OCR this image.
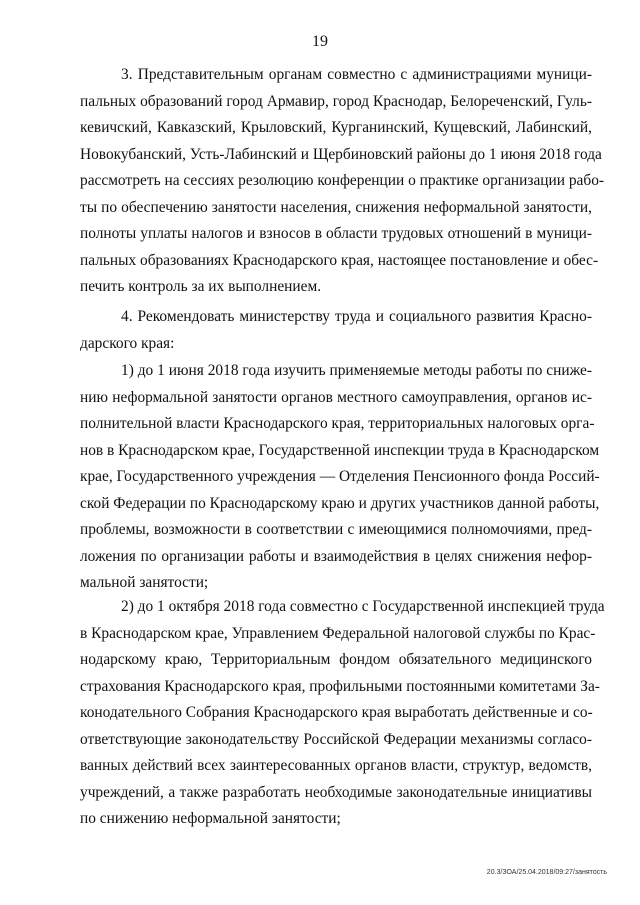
19
3. Представительным органам совместно с администрациями муници-
пальных образований город Армавир, город Краснодар, Белореченский, Гуль-
кевичский, Кавказский, Крыловский, Курганинский, Кущевский, Лабинский,
Новокубанский, Усть-Лабинский и Щербиновский районы до 1 июня 2018 года
рассмотреть на сессиях резолюцию конференции о практике организации рабо-
ты по обеспечению занятости населения, снижения неформальной занятости,
полноты уплаты налогов и взносов в области трудовых отношений в муници-
пальных образованиях Краснодарского края, настоящее постановление и обес-
печить контроль за их выполнением.
4. Рекомендовать министерству труда и социального развития Красно-
дарского края:
1) до 1 июня 2018 года изучить применяемые методы работы по сниже-
нию неформальной занятости органов местного самоуправления, органов ис-
полнительной власти Краснодарского края, территориальных налоговых орга-
нов в Краснодарском крае, Государственной инспекции труда в Краснодарском
крае, Государственного учреждения — Отделения Пенсионного фонда Россий-
ской Федерации по Краснодарскому краю и других участников данной работы,
проблемы, возможности в соответствии с имеющимися полномочиями, пред-
ложения по организации работы и взаимодействия в целях снижения нефор-
мальной занятости;
2) до 1 октября 2018 года совместно с Государственной инспекцией труда
в Краснодарском крае, Управлением Федеральной налоговой службы по Крас-
нодарскому краю, Территориальным фондом обязательного медицинского
страхования Краснодарского края, профильными постоянными комитетами За-
конодательного Собрания Краснодарского края выработать действенные и со-
ответствующие законодательству Российской Федерации механизмы согласо-
ванных действий всех заинтересованных органов власти, структур, ведомств,
учреждений, а также разработать необходимые законодательные инициативы
по снижению неформальной занятости;
20.3/ЗОА/25.04.2018/09:27/занятость
